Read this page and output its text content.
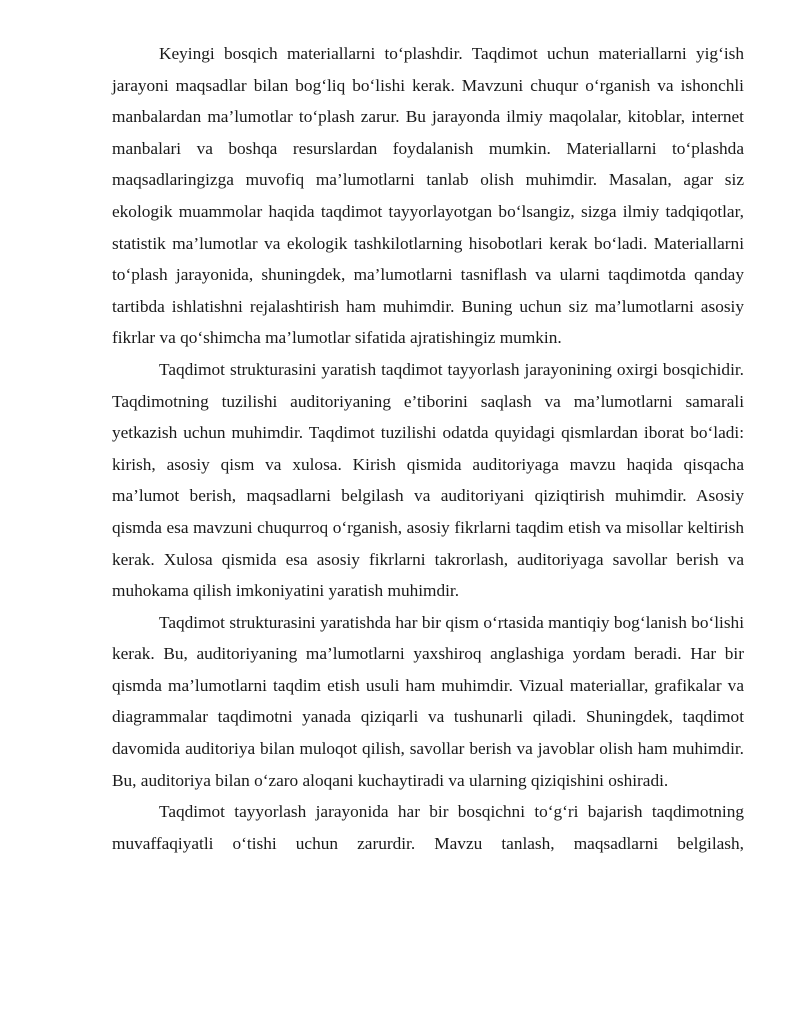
Keyingi bosqich materiallarni to‘plashdir. Taqdimot uchun materiallarni yig‘ish jarayoni maqsadlar bilan bog‘liq bo‘lishi kerak. Mavzuni chuqur o‘rganish va ishonchli manbalardan ma’lumotlar to‘plash zarur. Bu jarayonda ilmiy maqolalar, kitoblar, internet manbalari va boshqa resurslardan foydalanish mumkin. Materiallarni to‘plashda maqsadlaringizga muvofiq ma’lumotlarni tanlab olish muhimdir. Masalan, agar siz ekologik muammolar haqida taqdimot tayyorlayotgan bo‘lsangiz, sizga ilmiy tadqiqotlar, statistik ma’lumotlar va ekologik tashkilotlarning hisobotlari kerak bo‘ladi. Materiallarni to‘plash jarayonida, shuningdek, ma’lumotlarni tasniflash va ularni taqdimotda qanday tartibda ishlatishni rejalashtirish ham muhimdir. Buning uchun siz ma’lumotlarni asosiy fikrlar va qo‘shimcha ma’lumotlar sifatida ajratishingiz mumkin.

Taqdimot strukturasini yaratish taqdimot tayyorlash jarayonining oxirgi bosqichidir. Taqdimotning tuzilishi auditoriyaning e’tiborini saqlash va ma’lumotlarni samarali yetkazish uchun muhimdir. Taqdimot tuzilishi odatda quyidagi qismlardan iborat bo‘ladi: kirish, asosiy qism va xulosa. Kirish qismida auditoriyaga mavzu haqida qisqacha ma’lumot berish, maqsadlarni belgilash va auditoriyani qiziqtirish muhimdir. Asosiy qismda esa mavzuni chuqurroq o‘rganish, asosiy fikrlarni taqdim etish va misollar keltirish kerak. Xulosa qismida esa asosiy fikrlarni takrorlash, auditoriyaga savollar berish va muhokama qilish imkoniyatini yaratish muhimdir.

Taqdimot strukturasini yaratishda har bir qism o‘rtasida mantiqiy bog‘lanish bo‘lishi kerak. Bu, auditoriyaning ma’lumotlarni yaxshiroq anglashiga yordam beradi. Har bir qismda ma’lumotlarni taqdim etish usuli ham muhimdir. Vizual materiallar, grafikalar va diagrammalar taqdimotni yanada qiziqarli va tushunarli qiladi. Shuningdek, taqdimot davomida auditoriya bilan muloqot qilish, savollar berish va javoblar olish ham muhimdir. Bu, auditoriya bilan o‘zaro aloqani kuchaytiradi va ularning qiziqishini oshiradi.

Taqdimot tayyorlash jarayonida har bir bosqichni to‘g‘ri bajarish taqdimotning muvaffaqiyatli o‘tishi uchun zarurdir. Mavzu tanlash, maqsadlarni belgilash,
